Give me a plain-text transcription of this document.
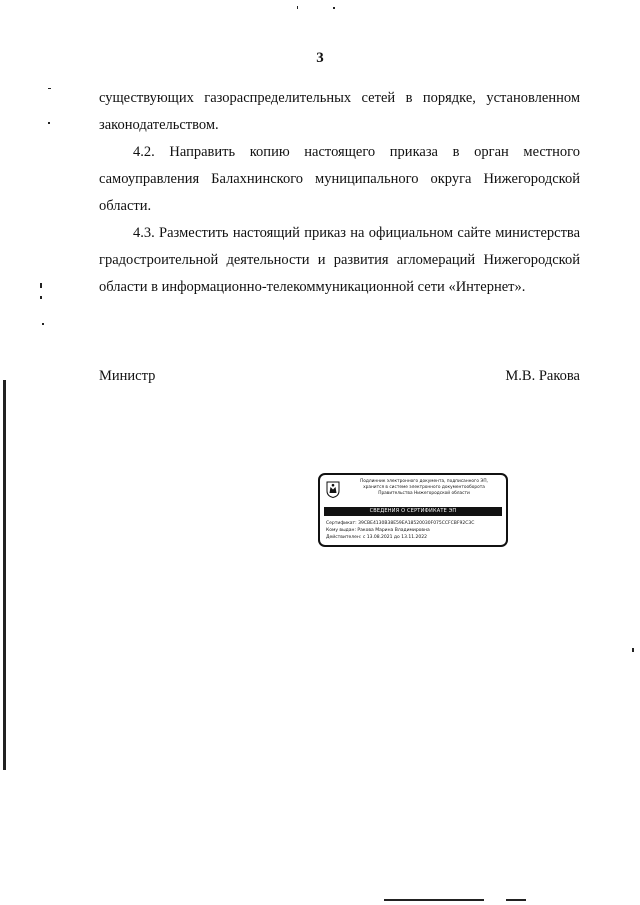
3
существующих газораспределительных сетей в порядке, установленном
законодательством.
4.2. Направить копию настоящего приказа в орган местного
самоуправления Балахнинского муниципального округа Нижегородской
области.
4.3. Разместить настоящий приказ на официальном сайте министерства
градостроительной деятельности и развития агломераций Нижегородской
области в информационно-телекоммуникационной сети «Интернет».
Министр	М.В. Ракова
Подлинник электронного документа, подписанного ЭП,
хранится в системе электронного документооборота
Правительства Нижегородской области
СВЕДЕНИЯ О СЕРТИФИКАТЕ ЭП
Сертификат: 39CBE4130B38E59EA18520030F075CCFCBF92C3C
Кому выдан: Ракова Марина Владимировна
Действителен: с 13.08.2021 до 13.11.2022
